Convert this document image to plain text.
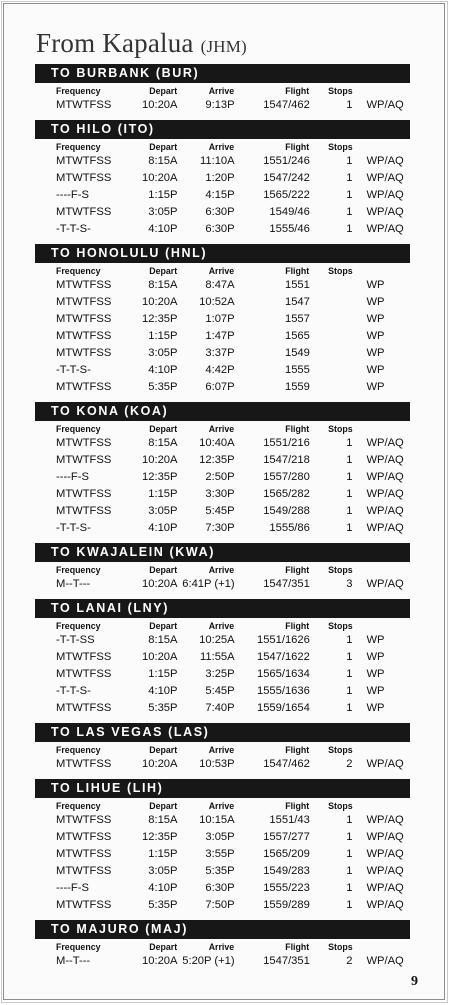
From Kapalua (JHM)
TO BURBANK (BUR)
Frequency	Depart	Arrive	Flight	Stops
MTWTFSS	10:20A	9:13P	1547/462	1	WP/AQ
TO HILO (ITO)
Frequency	Depart	Arrive	Flight	Stops
MTWTFSS	8:15A	11:10A	1551/246	1	WP/AQ
MTWTFSS	10:20A	1:20P	1547/242	1	WP/AQ
----F-S	1:15P	4:15P	1565/222	1	WP/AQ
MTWTFSS	3:05P	6:30P	1549/46	1	WP/AQ
-T-T-S-	4:10P	6:30P	1555/46	1	WP/AQ
TO HONOLULU (HNL)
Frequency	Depart	Arrive	Flight	Stops
MTWTFSS	8:15A	8:47A	1551	WP
MTWTFSS	10:20A	10:52A	1547	WP
MTWTFSS	12:35P	1:07P	1557	WP
MTWTFSS	1:15P	1:47P	1565	WP
MTWTFSS	3:05P	3:37P	1549	WP
-T-T-S-	4:10P	4:42P	1555	WP
MTWTFSS	5:35P	6:07P	1559	WP
TO KONA (KOA)
Frequency	Depart	Arrive	Flight	Stops
MTWTFSS	8:15A	10:40A	1551/216	1	WP/AQ
MTWTFSS	10:20A	12:35P	1547/218	1	WP/AQ
----F-S	12:35P	2:50P	1557/280	1	WP/AQ
MTWTFSS	1:15P	3:30P	1565/282	1	WP/AQ
MTWTFSS	3:05P	5:45P	1549/288	1	WP/AQ
-T-T-S-	4:10P	7:30P	1555/86	1	WP/AQ
TO KWAJALEIN (KWA)
Frequency	Depart	Arrive	Flight	Stops
M--T---	10:20A 6:41P (+1)	1547/351	3	WP/AQ
TO LANAI (LNY)
Frequency	Depart	Arrive	Flight	Stops
-T-T-SS	8:15A	10:25A	1551/1626	1	WP
MTWTFSS	10:20A	11:55A	1547/1622	1	WP
MTWTFSS	1:15P	3:25P	1565/1634	1	WP
-T-T-S-	4:10P	5:45P	1555/1636	1	WP
MTWTFSS	5:35P	7:40P	1559/1654	1	WP
TO LAS VEGAS (LAS)
Frequency	Depart	Arrive	Flight	Stops
MTWTFSS	10:20A	10:53P	1547/462	2	WP/AQ
TO LIHUE (LIH)
Frequency	Depart	Arrive	Flight	Stops
MTWTFSS	8:15A	10:15A	1551/43	1	WP/AQ
MTWTFSS	12:35P	3:05P	1557/277	1	WP/AQ
MTWTFSS	1:15P	3:55P	1565/209	1	WP/AQ
MTWTFSS	3:05P	5:35P	1549/283	1	WP/AQ
----F-S	4:10P	6:30P	1555/223	1	WP/AQ
MTWTFSS	5:35P	7:50P	1559/289	1	WP/AQ
TO MAJURO (MAJ)
Frequency	Depart	Arrive	Flight	Stops
M--T---	10:20A 5:20P (+1)	1547/351	2	WP/AQ
9
